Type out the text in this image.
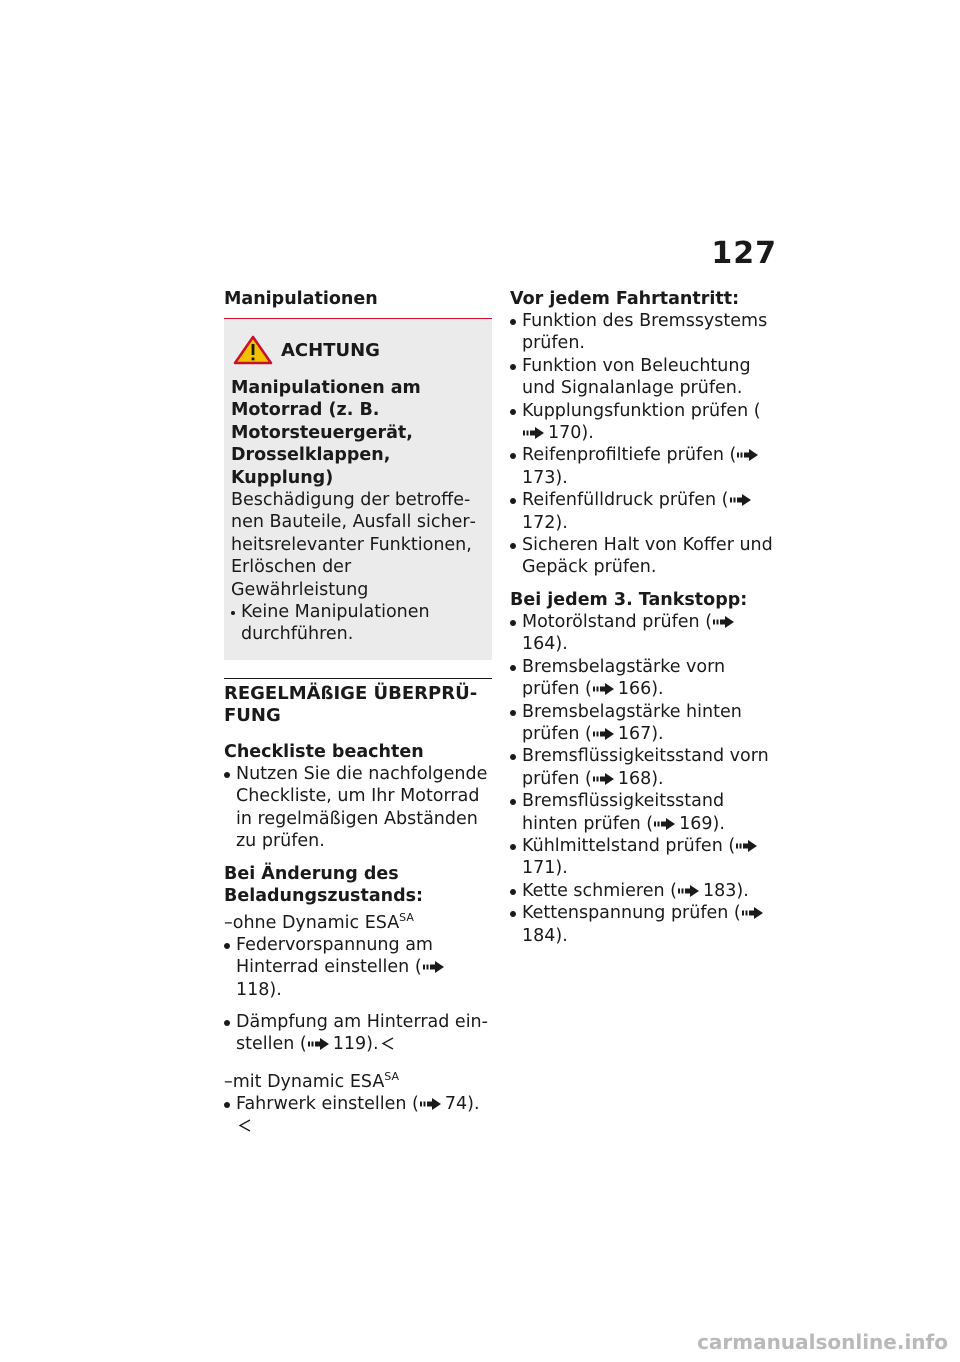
127

Manipulationen

ACHTUNG
Manipulationen am Motorrad (z. B. Motorsteuergerät, Drosselklappen, Kupplung)
Beschädigung der betroffenen Bauteile, Ausfall sicherheitsrelevanter Funktionen, Erlöschen der Gewährleistung
Keine Manipulationen durchführen.
REGELMÄßIGE ÜBERPRÜFUNG

Checkliste beachten

Nutzen Sie die nachfolgende Checkliste, um Ihr Motorrad in regelmäßigen Abständen zu prüfen.

Bei Änderung des Beladungszustands:

–ohne Dynamic $ESA^{SA}$
Federvorspannung am Hinterrad einstellen (118).
Dämpfung am Hinterrad einstellen ( 119).
–mit Dynamic $ESA^{SA}$
Fahrwerk einstellen ( 74).

Vor jedem Fahrtantritt:

Funktion des Bremssystems prüfen.
Funktion von Beleuchtung und Signalanlage prüfen.
Kupplungsfunktion prüfen (170).
Reifenprofiltiefe prüfen (173).
Reifenfülldruck prüfen (172).
Sicheren Halt von Koffer und Gepäck prüfen.

Bei jedem 3. Tankstopp:

Motorölstand prüfen (164).
Bremsbelagstärke vorn prüfen ( 166).
Bremsbelagstärke hinten prüfen ( 167).
Bremsflüssigkeitsstand vorn prüfen ( 168).
Bremsflüssigkeitsstand hinten prüfen ( 169).
Kühlmittelstand prüfen (171).
Kette schmieren ( 183).
Kettenspannung prüfen (184).
carmanualsonline.info
